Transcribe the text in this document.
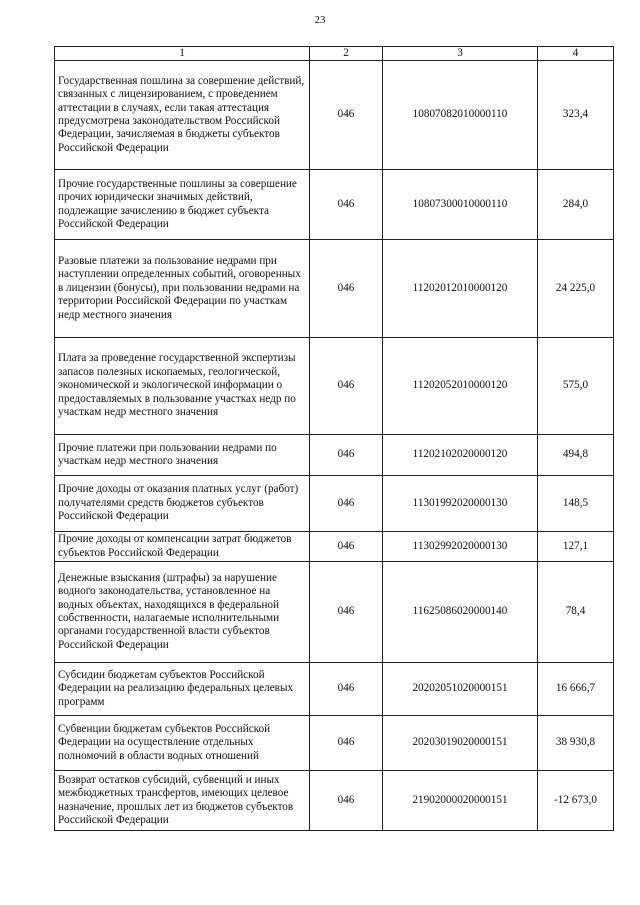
23
1	2	3	4
Государственная пошлина за совершение действий, связанных с лицензированием, с проведением аттестации в случаях, если такая аттестация предусмотрена законодательством Российской Федерации, зачисляемая в бюджеты субъектов Российской Федерации	046	10807082010000110	323,4
Прочие государственные пошлины за совершение прочих юридически значимых действий, подлежащие зачислению в бюджет субъекта Российской Федерации	046	10807300010000110	284,0
Разовые платежи за пользование недрами при наступлении определенных событий, оговоренных в лицензии (бонусы), при пользовании недрами на территории Российской Федерации по участкам недр местного значения	046	11202012010000120	24 225,0
Плата за проведение государственной экспертизы запасов полезных ископаемых, геологической, экономической и экологической информации о предоставляемых в пользование участках недр по участкам недр местного значения	046	11202052010000120	575,0
Прочие платежи при пользовании недрами по участкам недр местного значения	046	11202102020000120	494,8
Прочие доходы от оказания платных услуг (работ) получателями средств бюджетов субъектов Российской Федерации	046	11301992020000130	148,5
Прочие доходы от компенсации затрат бюджетов субъектов Российской Федерации	046	11302992020000130	127,1
Денежные взыскания (штрафы) за нарушение водного законодательства, установленное на водных объектах, находящихся в федеральной собственности, налагаемые исполнительными органами государственной власти субъектов Российской Федерации	046	11625086020000140	78,4
Субсидии бюджетам субъектов Российской Федерации на реализацию федеральных целевых программ	046	20202051020000151	16 666,7
Субвенции бюджетам субъектов Российской Федерации на осуществление отдельных полномочий в области водных отношений	046	20203019020000151	38 930,8
Возврат остатков субсидий, субвенций и иных межбюджетных трансфертов, имеющих целевое назначение, прошлых лет из бюджетов субъектов Российской Федерации	046	21902000020000151	-12 673,0
